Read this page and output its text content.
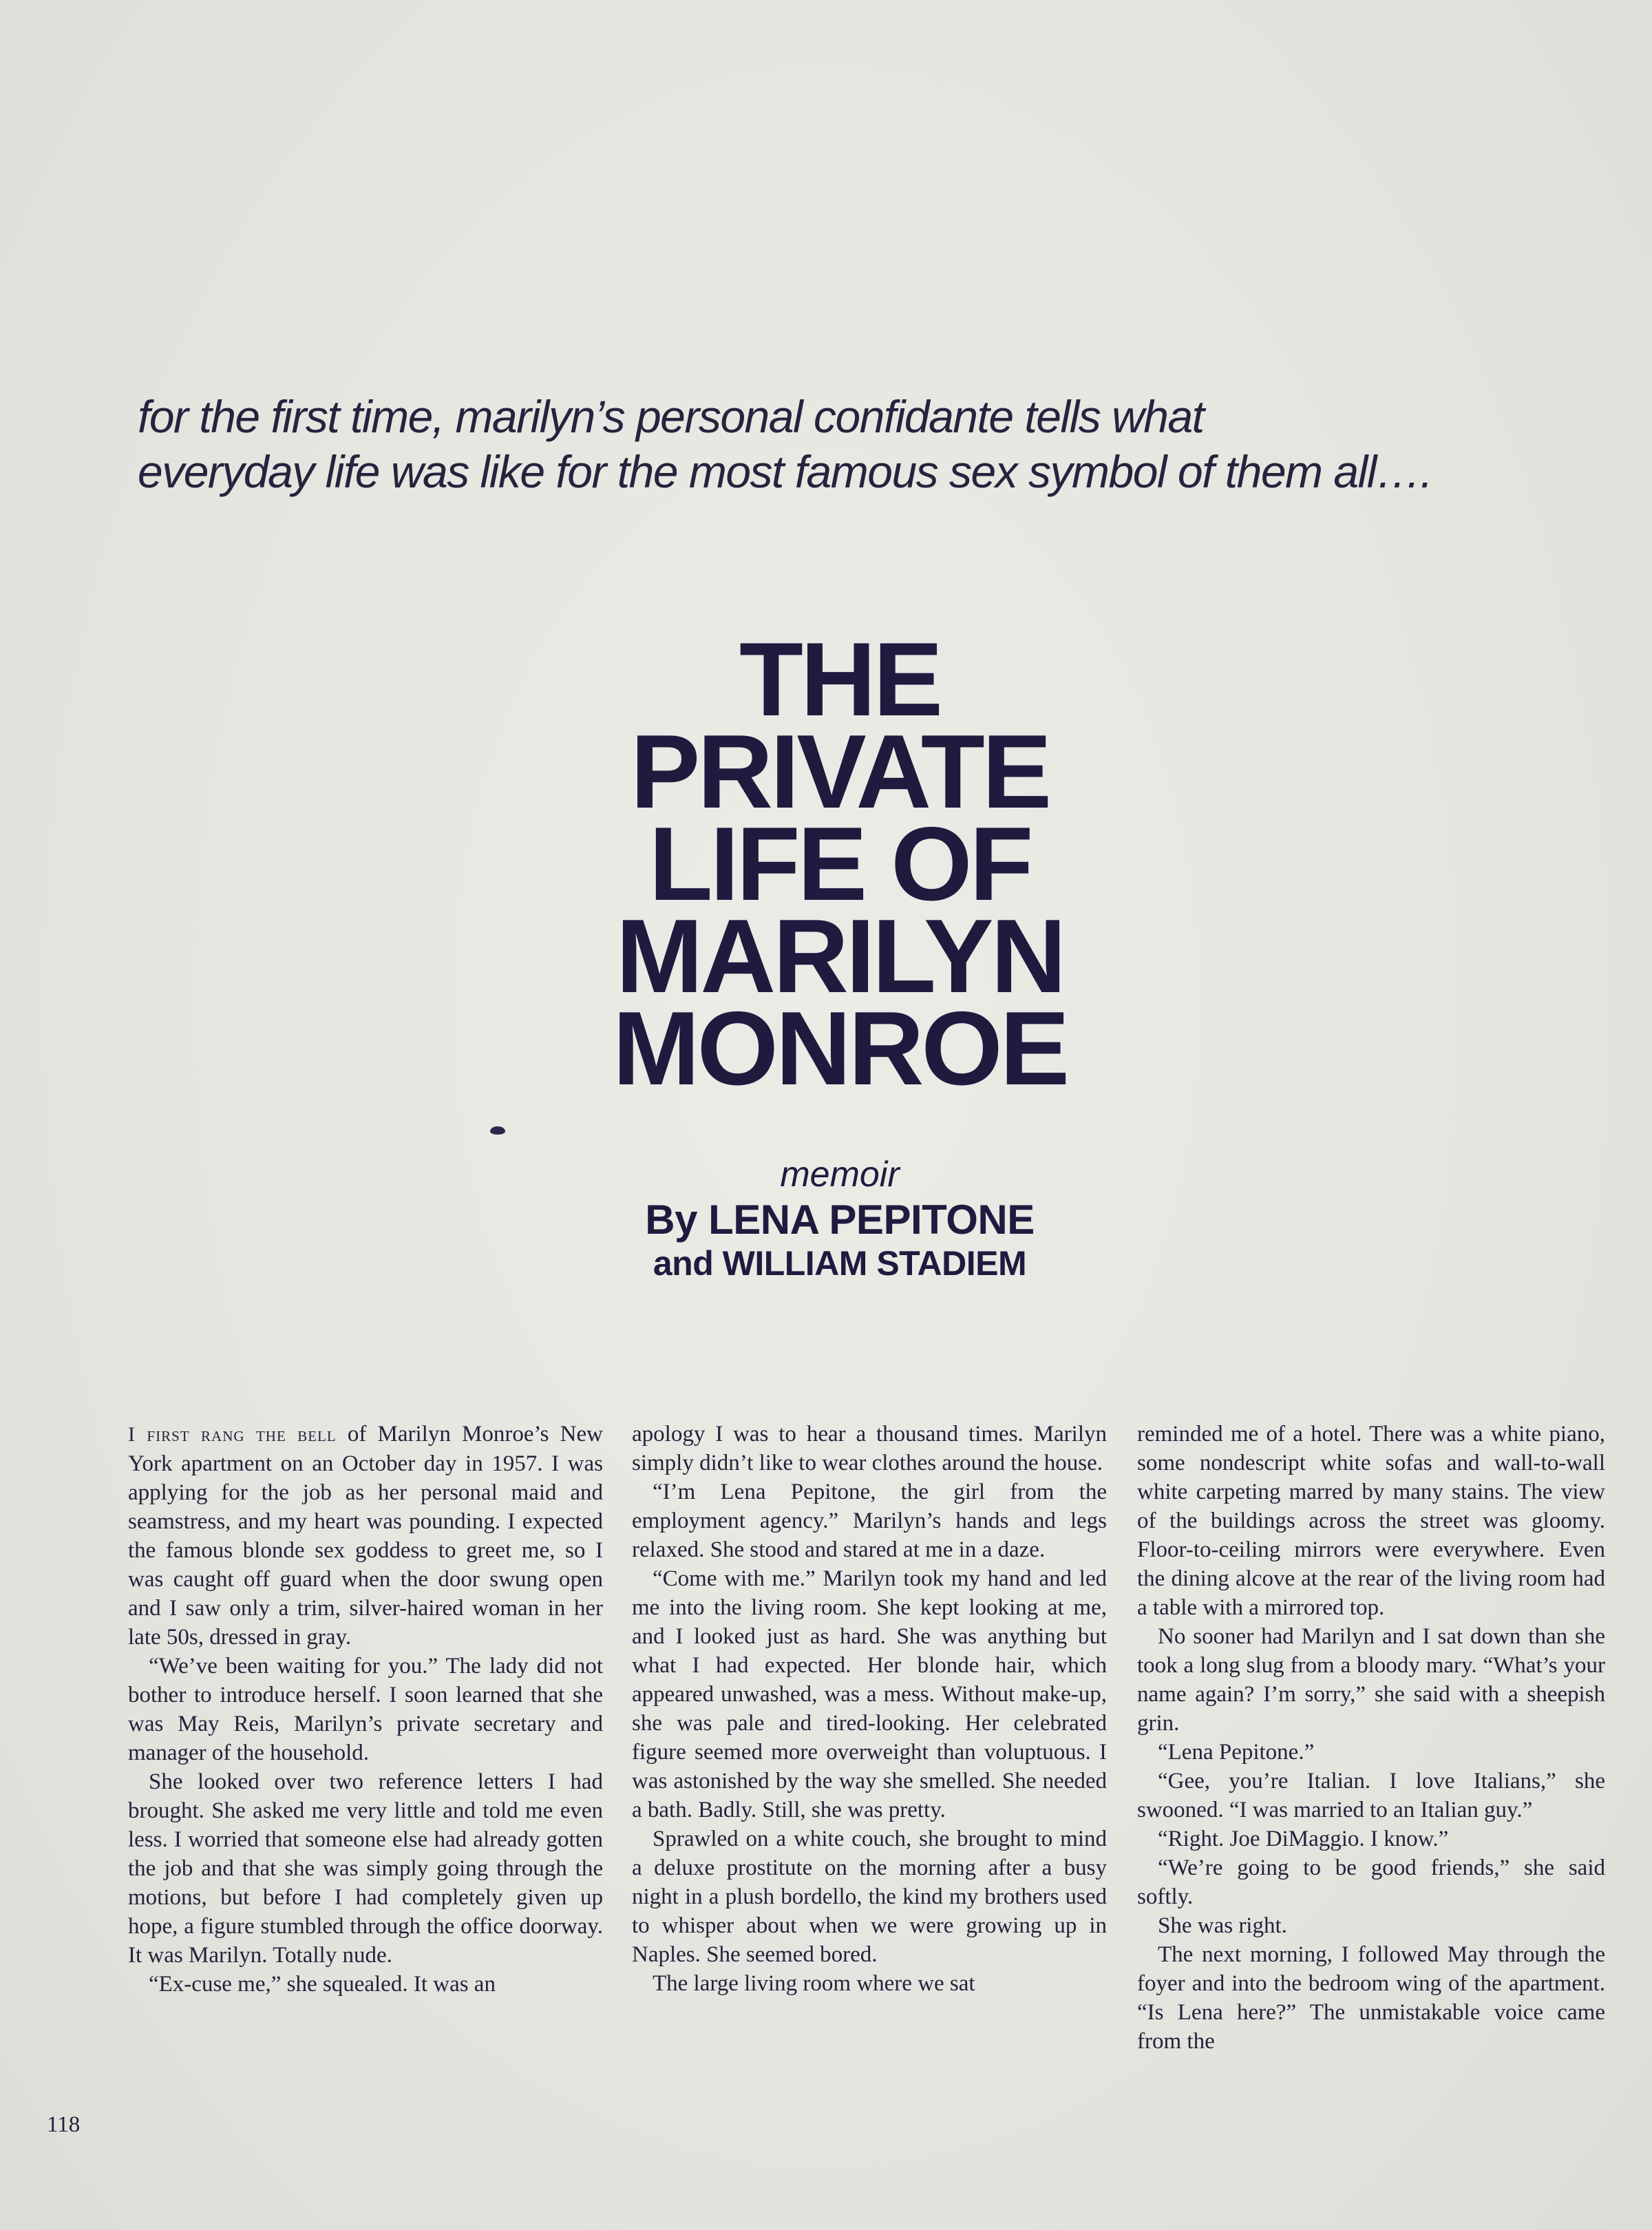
for the first time, marilyn’s personal confidante tells what
everyday life was like for the most famous sex symbol of them all….
THE
PRIVATE
LIFE OF
MARILYN
MONROE
memoir
By LENA PEPITONE
and WILLIAM STADIEM

I first rang the bell of Marilyn Monroe’s New York apartment on an October day in 1957. I was applying for the job as her personal maid and seamstress, and my heart was pounding. I expected the famous blonde sex goddess to greet me, so I was caught off guard when the door swung open and I saw only a trim, silver-haired woman in her late 50s, dressed in gray.

“We’ve been waiting for you.” The lady did not bother to introduce herself. I soon learned that she was May Reis, Marilyn’s private secretary and manager of the household.

She looked over two reference letters I had brought. She asked me very little and told me even less. I worried that someone else had already gotten the job and that she was simply going through the motions, but before I had completely given up hope, a figure stumbled through the office doorway. It was Marilyn. Totally nude.

“Ex-cuse me,” she squealed. It was an

apology I was to hear a thousand times. Marilyn simply didn’t like to wear clothes around the house.

“I’m Lena Pepitone, the girl from the employment agency.” Marilyn’s hands and legs relaxed. She stood and stared at me in a daze.

“Come with me.” Marilyn took my hand and led me into the living room. She kept looking at me, and I looked just as hard. She was anything but what I had expected. Her blonde hair, which appeared unwashed, was a mess. Without make-up, she was pale and tired-looking. Her celebrated figure seemed more overweight than voluptuous. I was astonished by the way she smelled. She needed a bath. Badly. Still, she was pretty.

Sprawled on a white couch, she brought to mind a deluxe prostitute on the morning after a busy night in a plush bordello, the kind my brothers used to whisper about when we were growing up in Naples. She seemed bored.

The large living room where we sat

reminded me of a hotel. There was a white piano, some nondescript white sofas and wall-to-wall white carpeting marred by many stains. The view of the buildings across the street was gloomy. Floor-to-ceiling mirrors were everywhere. Even the dining alcove at the rear of the living room had a table with a mirrored top.

No sooner had Marilyn and I sat down than she took a long slug from a bloody mary. “What’s your name again? I’m sorry,” she said with a sheepish grin.

“Lena Pepitone.”

“Gee, you’re Italian. I love Italians,” she swooned. “I was married to an Italian guy.”

“Right. Joe DiMaggio. I know.”

“We’re going to be good friends,” she said softly.

She was right.

The next morning, I followed May through the foyer and into the bedroom wing of the apartment. “Is Lena here?” The unmistakable voice came from the

118
